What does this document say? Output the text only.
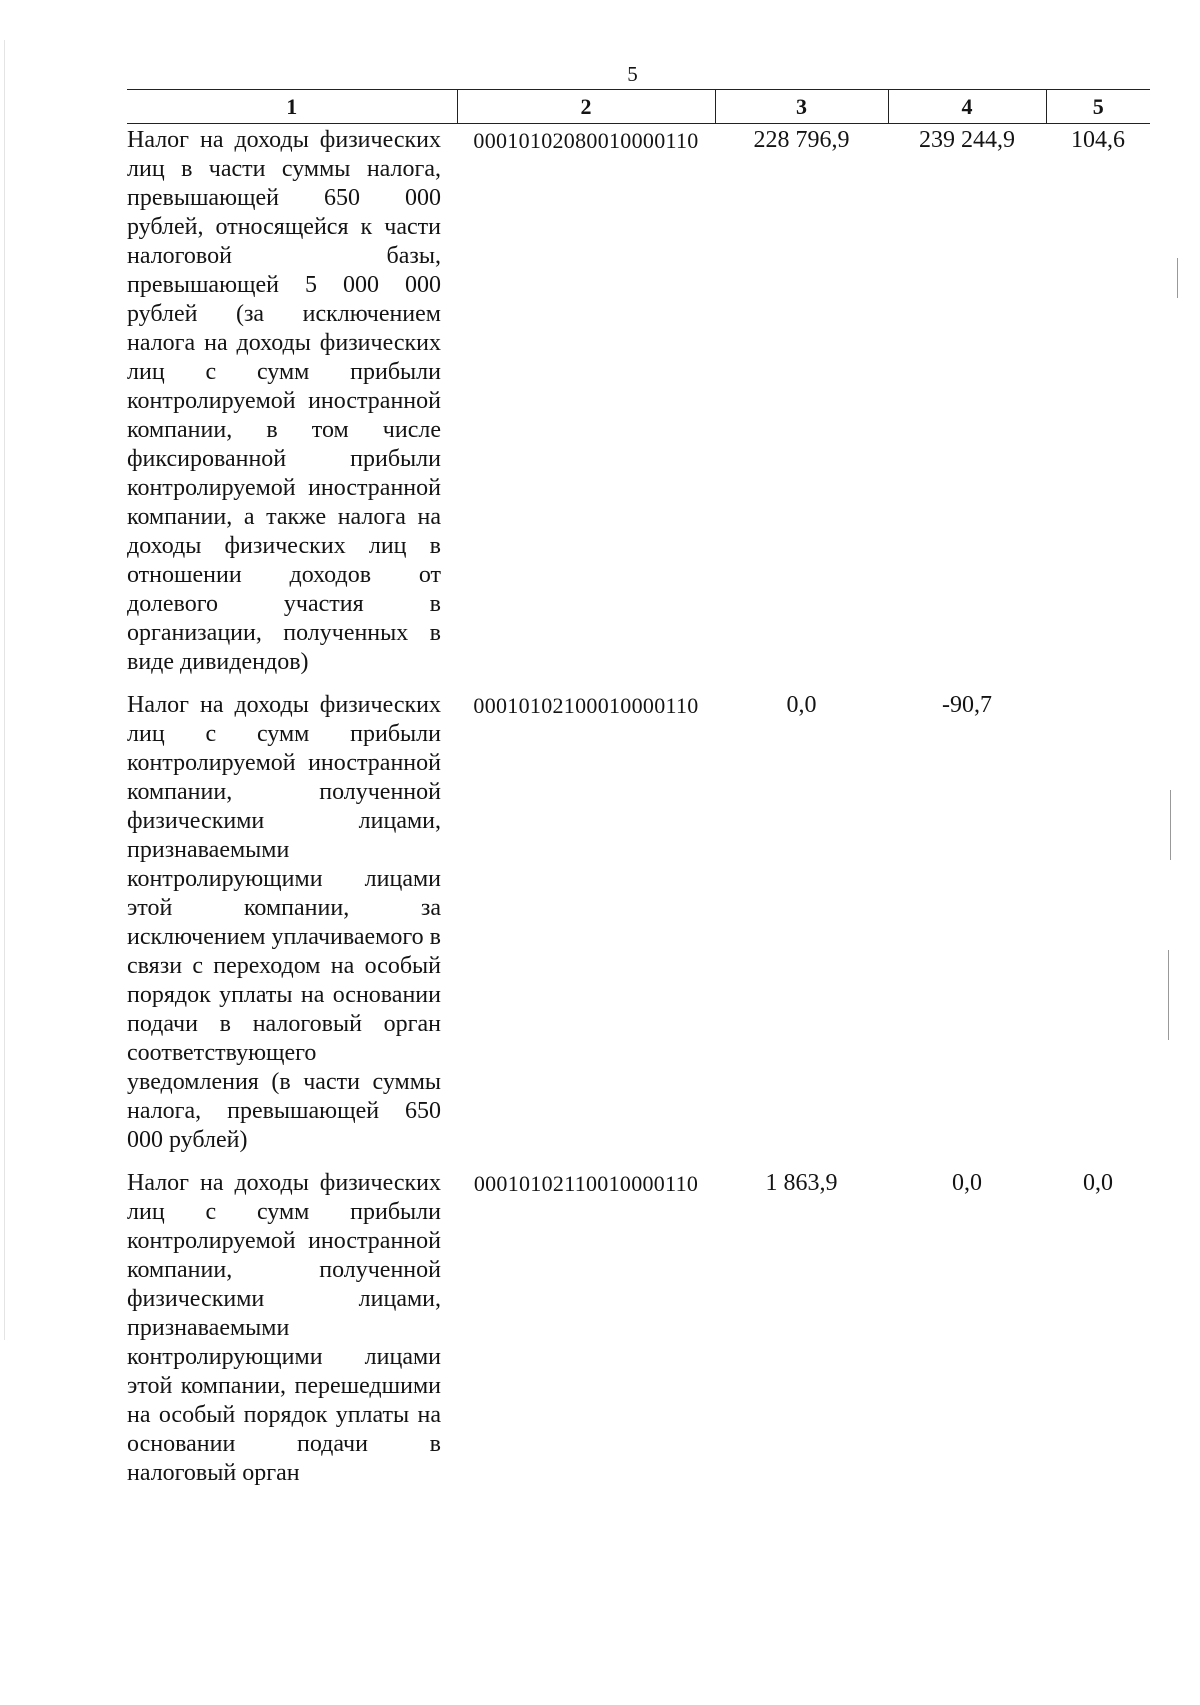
5
1	2	3	4	5
Налог на доходы физических лиц в части суммы налога, превышающей 650 000 рублей, относящейся к части налоговой базы, превышающей 5 000 000 рублей (за исключением налога на доходы физических лиц с сумм прибыли контролируемой иностранной компании, в том числе фиксированной прибыли контролируемой иностранной компании, а также налога на доходы физических лиц в отношении доходов от долевого участия в организации, полученных в виде дивидендов)	00010102080010000110	228 796,9	239 244,9	104,6
Налог на доходы физических лиц с сумм прибыли контролируемой иностранной компании, полученной физическими лицами, признаваемыми контролирующими лицами этой компании, за исключением уплачиваемого в связи с переходом на особый порядок уплаты на основании подачи в налоговый орган соответствующего уведомления (в части суммы налога, превышающей 650 000 рублей)	00010102100010000110	0,0	-90,7	
Налог на доходы физических лиц с сумм прибыли контролируемой иностранной компании, полученной физическими лицами, признаваемыми контролирующими лицами этой компании, перешедшими на особый порядок уплаты на основании подачи в налоговый орган	00010102110010000110	1 863,9	0,0	0,0
